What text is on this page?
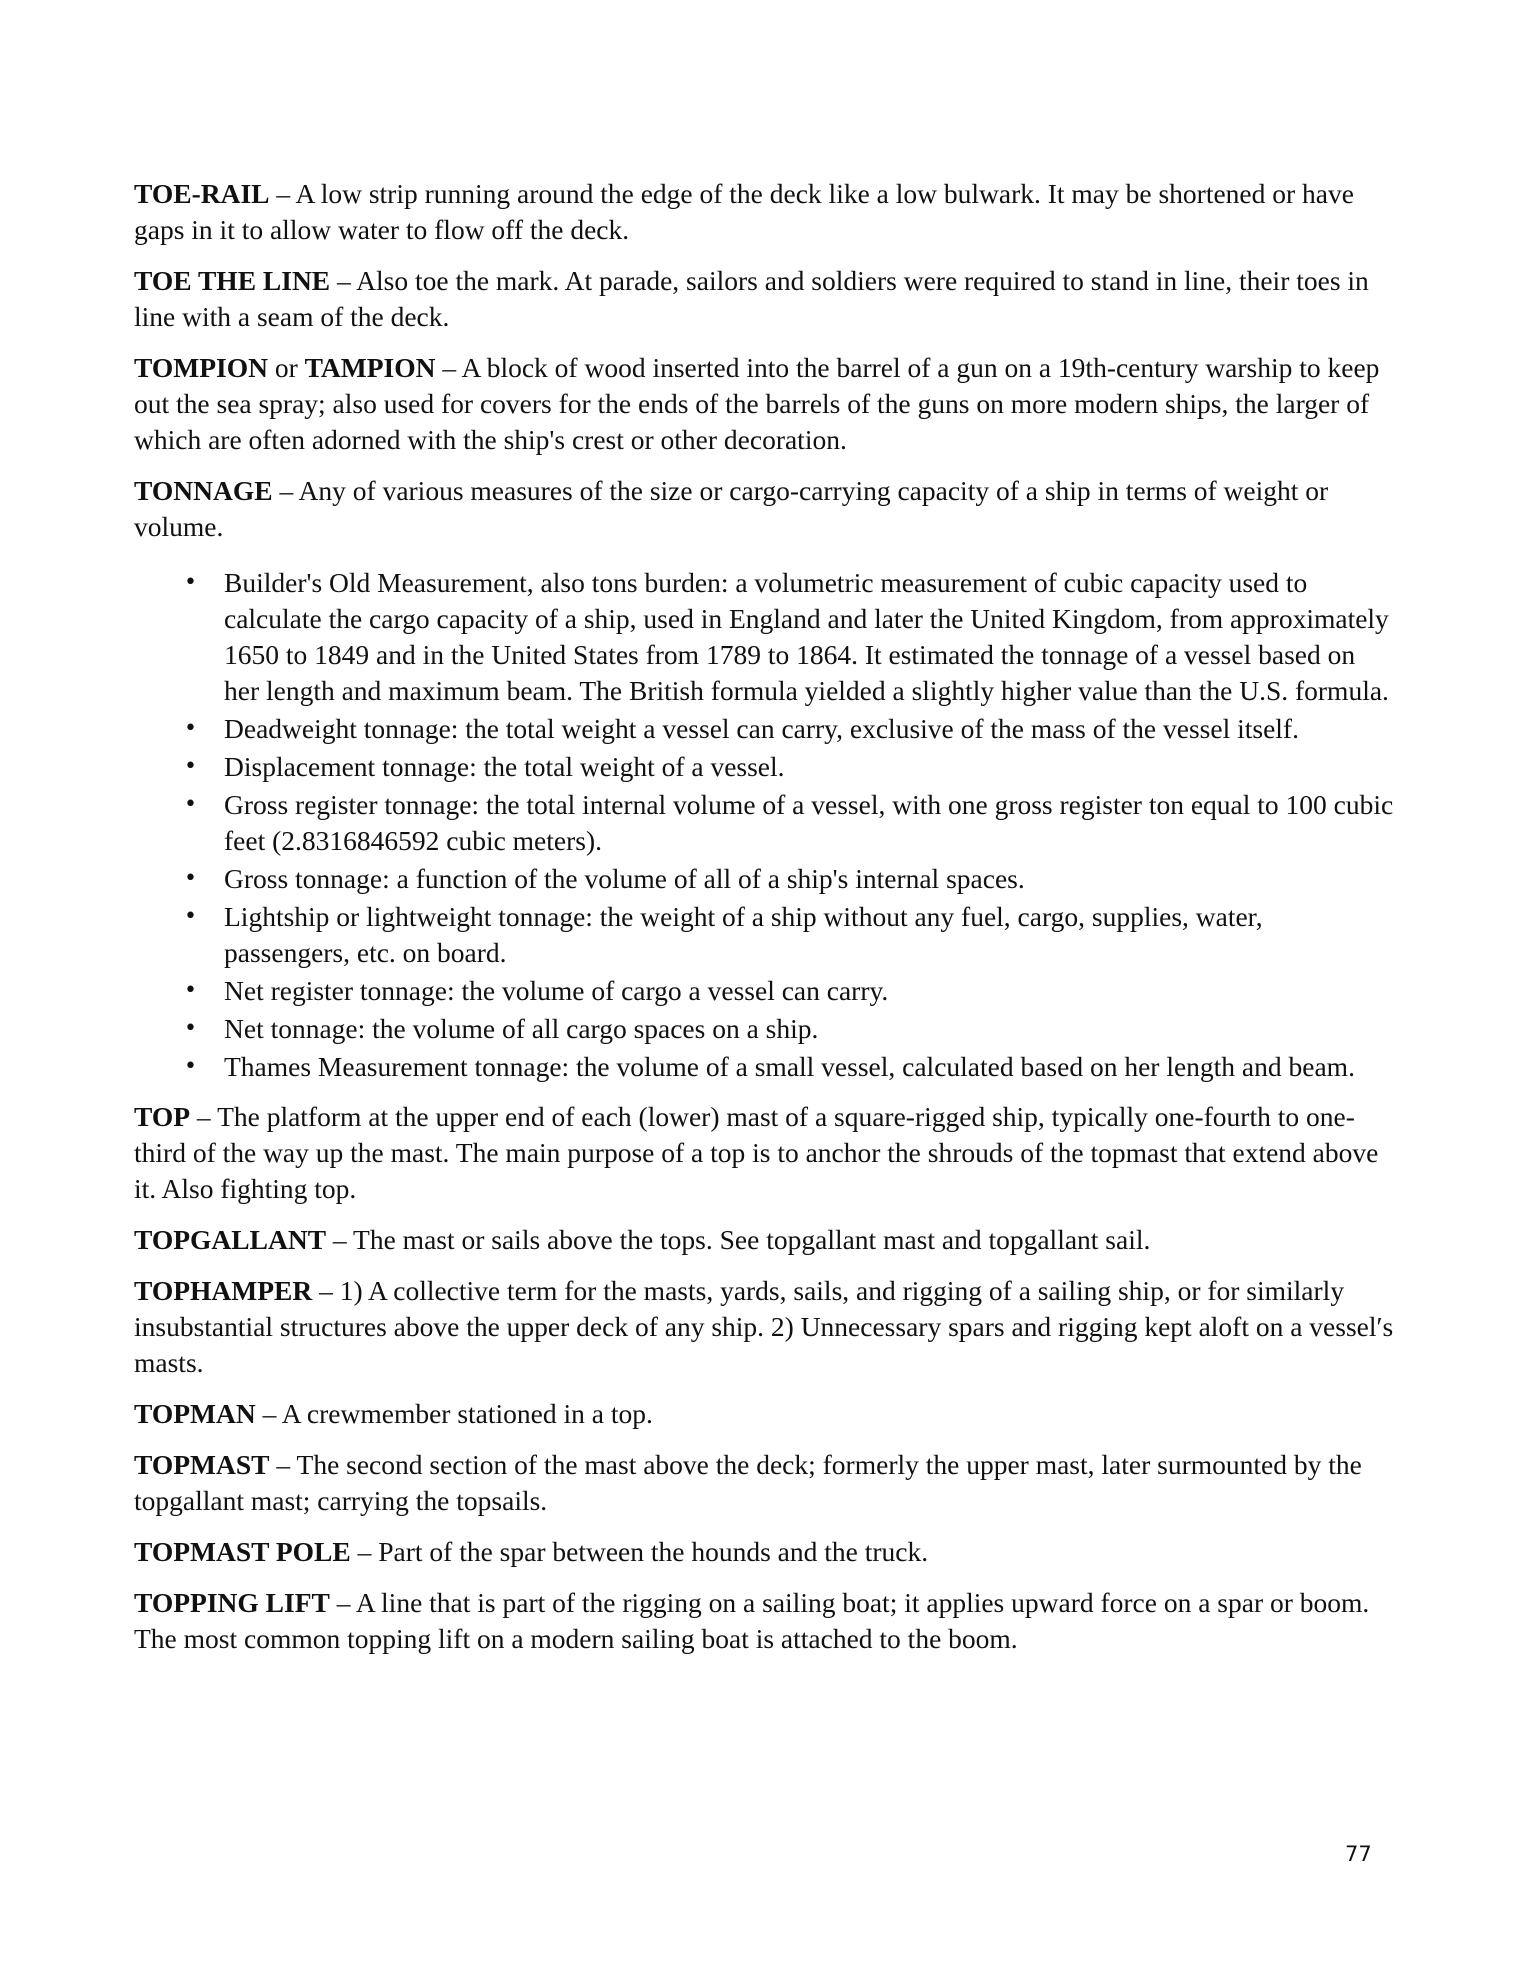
TOE-RAIL – A low strip running around the edge of the deck like a low bulwark. It may be shortened or have gaps in it to allow water to flow off the deck.

TOE THE LINE – Also toe the mark. At parade, sailors and soldiers were required to stand in line, their toes in line with a seam of the deck.

TOMPION or TAMPION – A block of wood inserted into the barrel of a gun on a 19th-century warship to keep out the sea spray; also used for covers for the ends of the barrels of the guns on more modern ships, the larger of which are often adorned with the ship's crest or other decoration.

TONNAGE – Any of various measures of the size or cargo-carrying capacity of a ship in terms of weight or volume.

• Builder's Old Measurement, also tons burden: a volumetric measurement of cubic capacity used to calculate the cargo capacity of a ship, used in England and later the United Kingdom, from approximately 1650 to 1849 and in the United States from 1789 to 1864. It estimated the tonnage of a vessel based on her length and maximum beam. The British formula yielded a slightly higher value than the U.S. formula.
• Deadweight tonnage: the total weight a vessel can carry, exclusive of the mass of the vessel itself.
• Displacement tonnage: the total weight of a vessel.
• Gross register tonnage: the total internal volume of a vessel, with one gross register ton equal to 100 cubic feet (2.8316846592 cubic meters).
• Gross tonnage: a function of the volume of all of a ship's internal spaces.
• Lightship or lightweight tonnage: the weight of a ship without any fuel, cargo, supplies, water, passengers, etc. on board.
• Net register tonnage: the volume of cargo a vessel can carry.
• Net tonnage: the volume of all cargo spaces on a ship.
• Thames Measurement tonnage: the volume of a small vessel, calculated based on her length and beam.

TOP – The platform at the upper end of each (lower) mast of a square-rigged ship, typically one-fourth to one-third of the way up the mast. The main purpose of a top is to anchor the shrouds of the topmast that extend above it. Also fighting top.

TOPGALLANT – The mast or sails above the tops. See topgallant mast and topgallant sail.

TOPHAMPER – 1) A collective term for the masts, yards, sails, and rigging of a sailing ship, or for similarly insubstantial structures above the upper deck of any ship. 2) Unnecessary spars and rigging kept aloft on a vessel′s masts.

TOPMAN – A crewmember stationed in a top.

TOPMAST – The second section of the mast above the deck; formerly the upper mast, later surmounted by the topgallant mast; carrying the topsails.

TOPMAST POLE – Part of the spar between the hounds and the truck.

TOPPING LIFT – A line that is part of the rigging on a sailing boat; it applies upward force on a spar or boom. The most common topping lift on a modern sailing boat is attached to the boom.

77
